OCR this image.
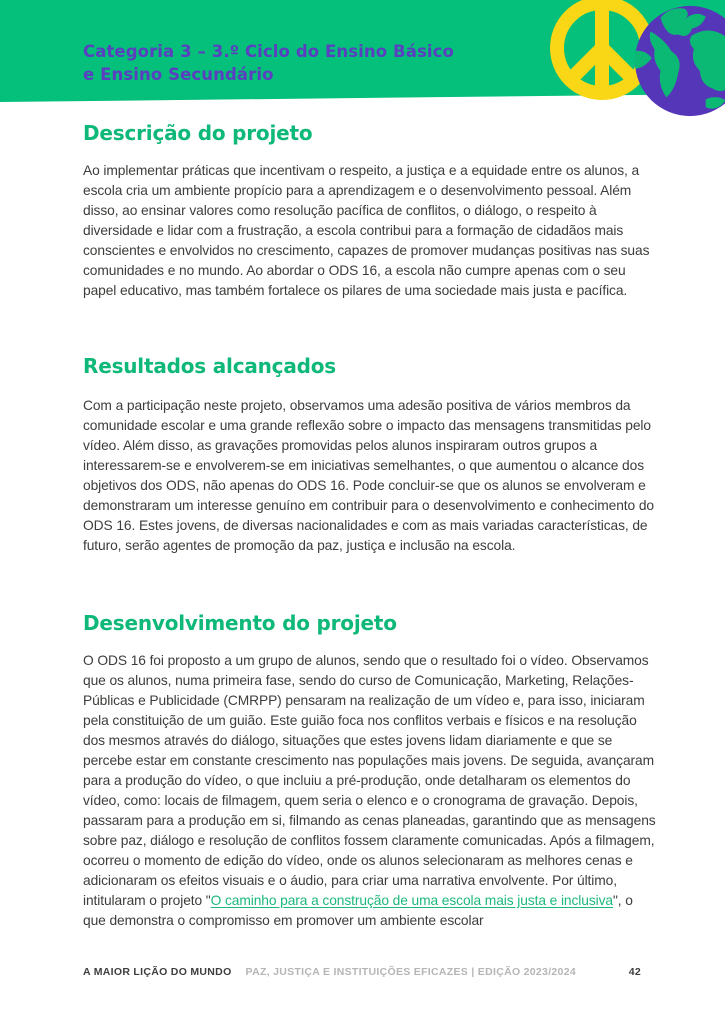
Categoria 3 – 3.º Ciclo do Ensino Básico
e Ensino Secundário
Descrição do projeto

Ao implementar práticas que incentivam o respeito, a justiça e a equidade entre os alunos, a escola cria um ambiente propício para a aprendizagem e o desenvolvimento pessoal. Além disso, ao ensinar valores como resolução pacífica de conflitos, o diálogo, o respeito à diversidade e lidar com a frustração, a escola contribui para a formação de cidadãos mais conscientes e envolvidos no crescimento, capazes de promover mudanças positivas nas suas comunidades e no mundo. Ao abordar o ODS 16, a escola não cumpre apenas com o seu papel educativo, mas também fortalece os pilares de uma sociedade mais justa e pacífica.

Resultados alcançados

Com a participação neste projeto, observamos uma adesão positiva de vários membros da comunidade escolar e uma grande reflexão sobre o impacto das mensagens transmitidas pelo vídeo. Além disso, as gravações promovidas pelos alunos inspiraram outros grupos a interessarem-se e envolverem-se em iniciativas semelhantes, o que aumentou o alcance dos objetivos dos ODS, não apenas do ODS 16. Pode concluir-se que os alunos se envolveram e demonstraram um interesse genuíno em contribuir para o desenvolvimento e conhecimento do ODS 16. Estes jovens, de diversas nacionalidades e com as mais variadas características, de futuro, serão agentes de promoção da paz, justiça e inclusão na escola.

Desenvolvimento do projeto

O ODS 16 foi proposto a um grupo de alunos, sendo que o resultado foi o vídeo. Observamos que os alunos, numa primeira fase, sendo do curso de Comunicação, Marketing, Relações-Públicas e Publicidade (CMRPP) pensaram na realização de um vídeo e, para isso, iniciaram pela constituição de um guião. Este guião foca nos conflitos verbais e físicos e na resolução dos mesmos através do diálogo, situações que estes jovens lidam diariamente e que se percebe estar em constante crescimento nas populações mais jovens. De seguida, avançaram para a produção do vídeo, o que incluiu a pré-produção, onde detalharam os elementos do vídeo, como: locais de filmagem, quem seria o elenco e o cronograma de gravação. Depois, passaram para a produção em si, filmando as cenas planeadas, garantindo que as mensagens sobre paz, diálogo e resolução de conflitos fossem claramente comunicadas. Após a filmagem, ocorreu o momento de edição do vídeo, onde os alunos selecionaram as melhores cenas e adicionaram os efeitos visuais e o áudio, para criar uma narrativa envolvente. Por último, intitularam o projeto "O caminho para a construção de uma escola mais justa e inclusiva", o que demonstra o compromisso em promover um ambiente escolar

A MAIOR LIÇÃO DO MUNDO PAZ, JUSTIÇA E INSTITUIÇÕES EFICAZES | EDIÇÃO 2023/2024	42
